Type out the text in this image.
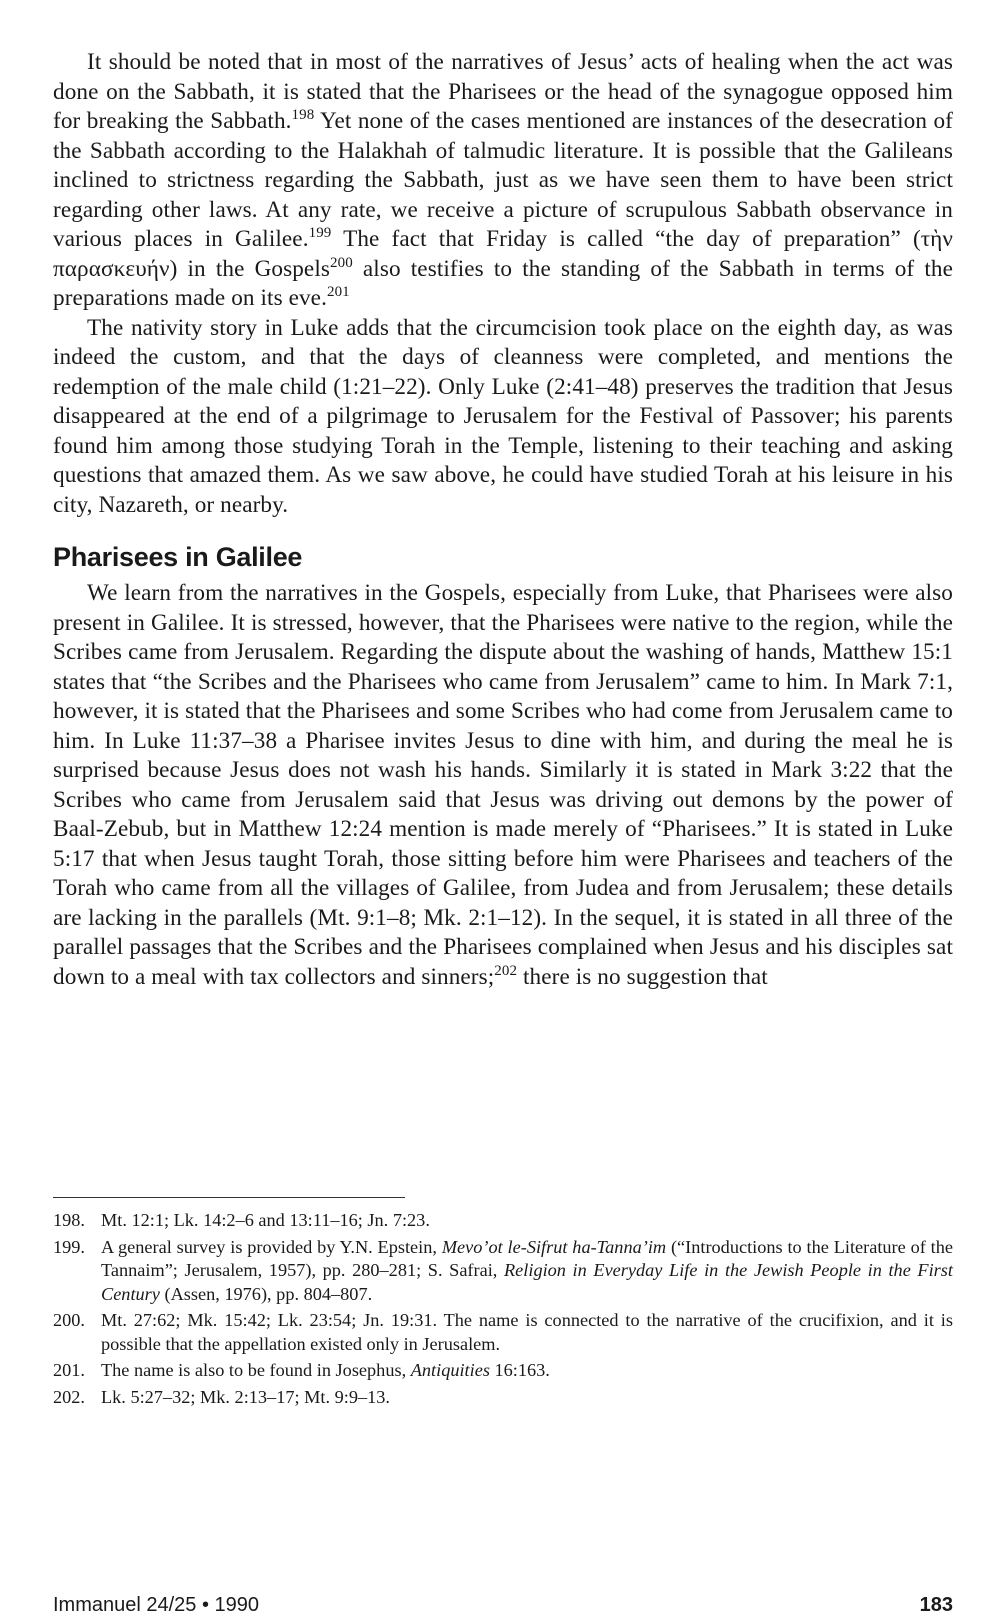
It should be noted that in most of the narratives of Jesus’ acts of healing when the act was done on the Sabbath, it is stated that the Pharisees or the head of the synagogue opposed him for breaking the Sabbath.$^{198}$ Yet none of the cases mentioned are instances of the desecration of the Sabbath according to the Halakhah of talmudic literature. It is possible that the Galileans inclined to strictness regarding the Sabbath, just as we have seen them to have been strict regarding other laws. At any rate, we receive a picture of scrupulous Sabbath observance in various places in Galilee.$^{199}$ The fact that Friday is called “the day of preparation” (τὴν παρασκευήν) in the Gospels$^{200}$ also testifies to the standing of the Sabbath in terms of the preparations made on its eve.$^{201}$

The nativity story in Luke adds that the circumcision took place on the eighth day, as was indeed the custom, and that the days of cleanness were completed, and mentions the redemption of the male child (1:21–22). Only Luke (2:41–48) preserves the tradition that Jesus disappeared at the end of a pilgrimage to Jerusalem for the Festival of Passover; his parents found him among those studying Torah in the Temple, listening to their teaching and asking questions that amazed them. As we saw above, he could have studied Torah at his leisure in his city, Nazareth, or nearby.

Pharisees in Galilee

We learn from the narratives in the Gospels, especially from Luke, that Pharisees were also present in Galilee. It is stressed, however, that the Pharisees were native to the region, while the Scribes came from Jerusalem. Regarding the dispute about the washing of hands, Matthew 15:1 states that “the Scribes and the Pharisees who came from Jerusalem” came to him. In Mark 7:1, however, it is stated that the Pharisees and some Scribes who had come from Jerusalem came to him. In Luke 11:37–38 a Pharisee invites Jesus to dine with him, and during the meal he is surprised because Jesus does not wash his hands. Similarly it is stated in Mark 3:22 that the Scribes who came from Jerusalem said that Jesus was driving out demons by the power of Baal-Zebub, but in Matthew 12:24 mention is made merely of “Pharisees.” It is stated in Luke 5:17 that when Jesus taught Torah, those sitting before him were Pharisees and teachers of the Torah who came from all the villages of Galilee, from Judea and from Jerusalem; these details are lacking in the parallels (Mt. 9:1–8; Mk. 2:1–12). In the sequel, it is stated in all three of the parallel passages that the Scribes and the Pharisees complained when Jesus and his disciples sat down to a meal with tax collectors and sinners;$^{202}$ there is no suggestion that

198. Mt. 12:1; Lk. 14:2–6 and 13:11–16; Jn. 7:23.

199. A general survey is provided by Y.N. Epstein, Mevo’ot le-Sifrut ha-Tanna’im (“Introductions to the Literature of the Tannaim”; Jerusalem, 1957), pp. 280–281; S. Safrai, Religion in Everyday Life in the Jewish People in the First Century (Assen, 1976), pp. 804–807.

200. Mt. 27:62; Mk. 15:42; Lk. 23:54; Jn. 19:31. The name is connected to the narrative of the crucifixion, and it is possible that the appellation existed only in Jerusalem.

201. The name is also to be found in Josephus, Antiquities 16:163.

202. Lk. 5:27–32; Mk. 2:13–17; Mt. 9:9–13.

Immanuel 24/25 • 1990	183
